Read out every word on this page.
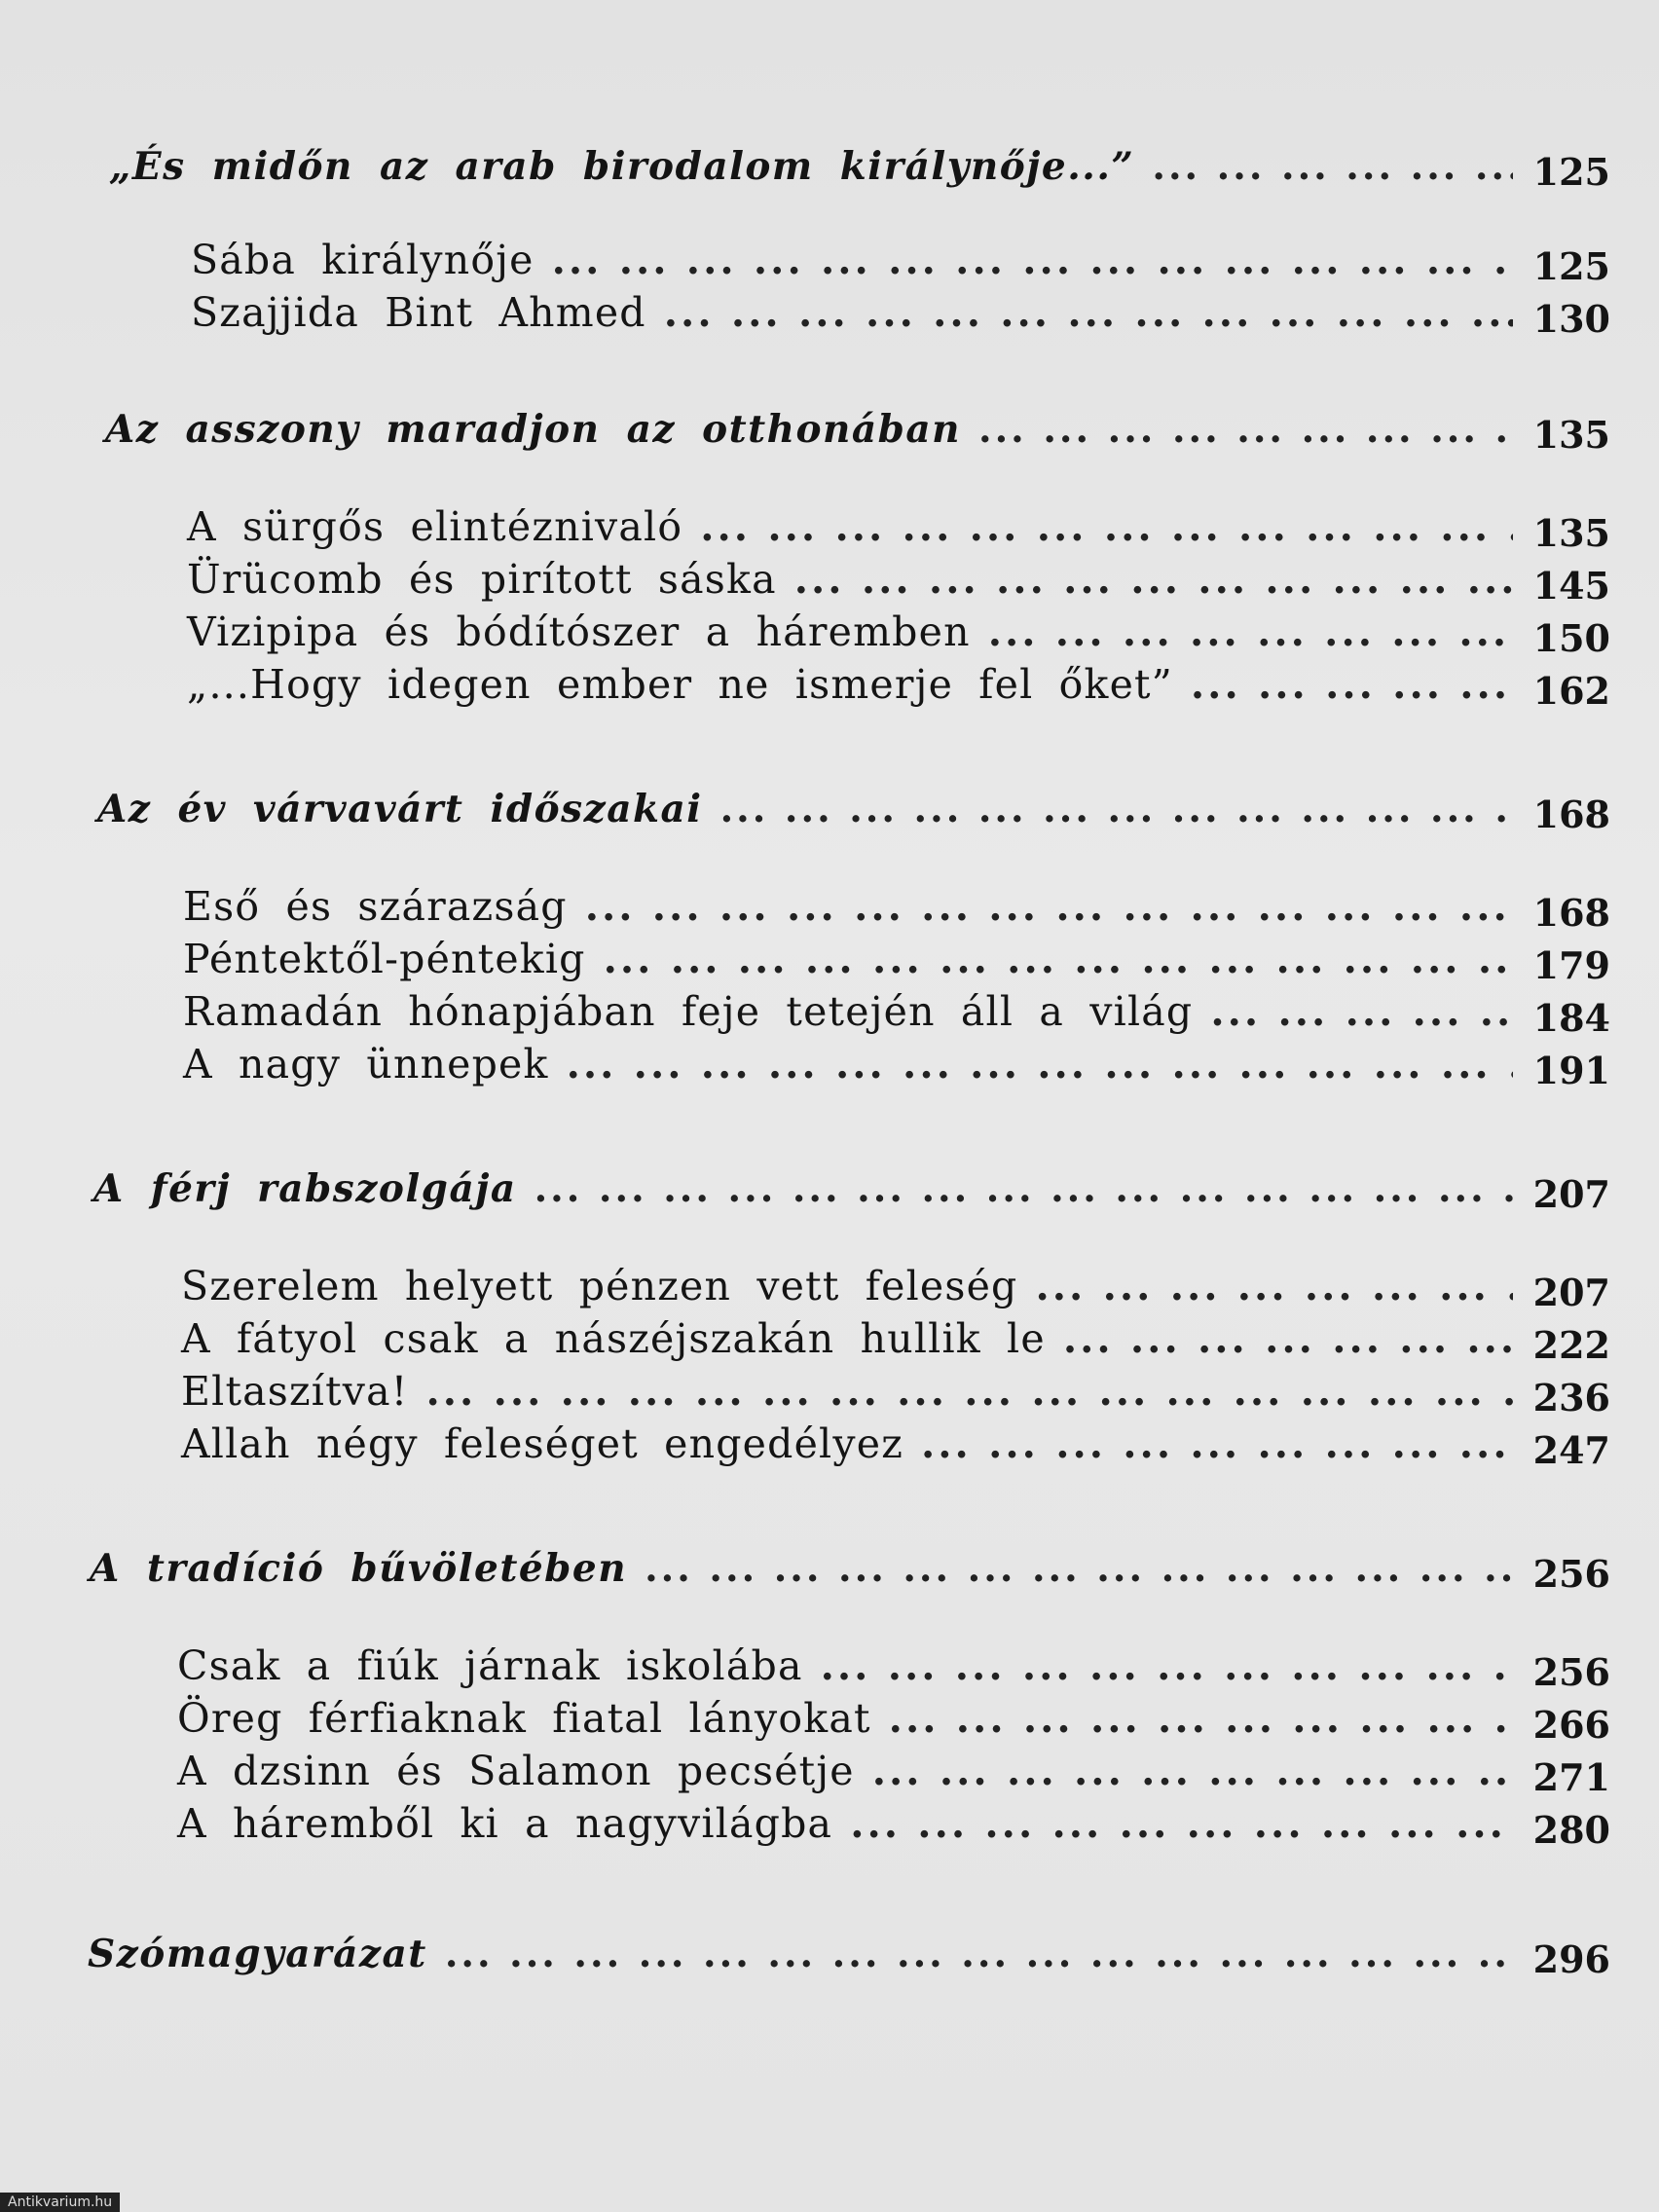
„És midőn az arab birodalom királynője...” ... .	125
Sába királynője ... .	125
Szajjida Bint Ahmed ... .	130
Az asszony maradjon az otthonában ... .	135
A sürgős elintéznivaló ... .	135
Ürücomb és pirított sáska ... .	145
Vizipipa és bódítószer a háremben ... .	150
„...Hogy idegen ember ne ismerje fel őket” ... .	162
Az év várvavárt időszakai ... .	168
Eső és szárazság ... .	168
Péntektől-péntekig ... .	179
Ramadán hónapjában feje tetején áll a világ ... .	184
A nagy ünnepek ... .	191
A férj rabszolgája ... .	207
Szerelem helyett pénzen vett feleség ... .	207
A fátyol csak a nászéjszakán hullik le ... .	222
Eltaszítva! ... .	236
Allah négy feleséget engedélyez ... .	247
A tradíció bűvöletében ... .	256
Csak a fiúk járnak iskolába ... .	256
Öreg férfiaknak fiatal lányokat ... .	266
A dzsinn és Salamon pecsétje ... .	271
A háremből ki a nagyvilágba ... .	280
Szómagyarázat ... .	296
Antikvarium.hu
